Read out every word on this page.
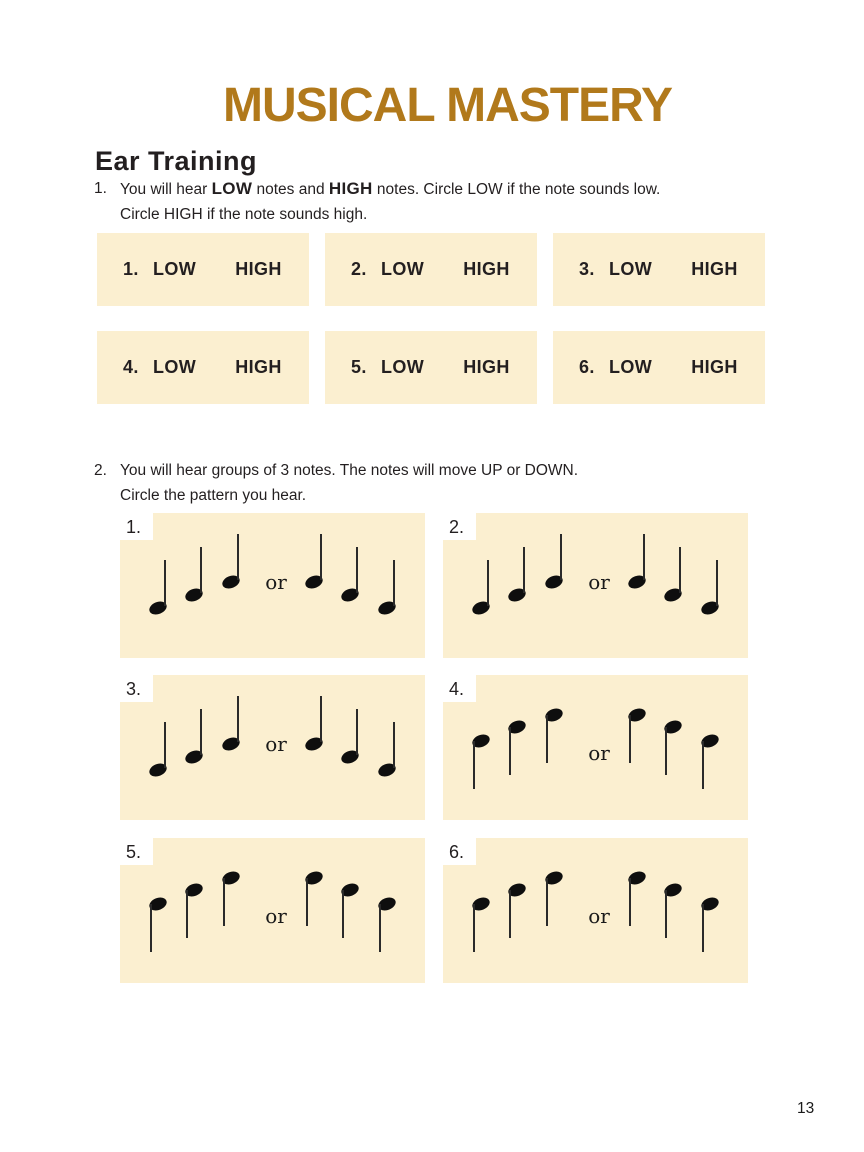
MUSICAL MASTERY
Ear Training
1. You will hear LOW notes and HIGH notes. Circle LOW if the note sounds low.
Circle HIGH if the note sounds high.
1. LOW HIGH	2. LOW HIGH	3. LOW HIGH
4. LOW HIGH	5. LOW HIGH	6. LOW HIGH
2. You will hear groups of 3 notes. The notes will move UP or DOWN.
Circle the pattern you hear.
1.
or
2.
or
3.
or
4.
or
5.
or
6.
or
13
